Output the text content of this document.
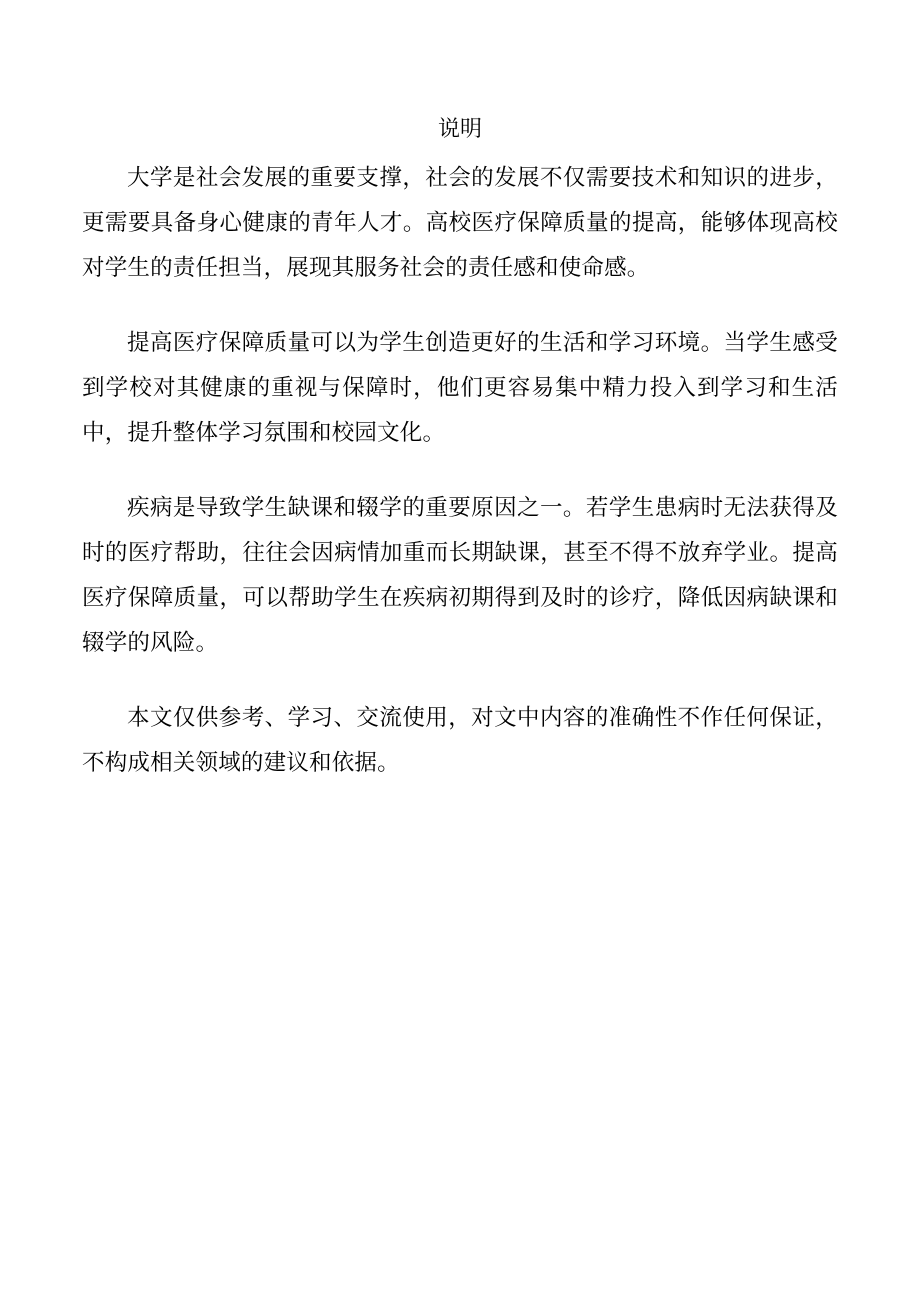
说明

大学是社会发展的重要支撑，社会的发展不仅需要技术和知识的进步，更需要具备身心健康的青年人才。高校医疗保障质量的提高，能够体现高校对学生的责任担当，展现其服务社会的责任感和使命感。

提高医疗保障质量可以为学生创造更好的生活和学习环境。当学生感受到学校对其健康的重视与保障时，他们更容易集中精力投入到学习和生活中，提升整体学习氛围和校园文化。

疾病是导致学生缺课和辍学的重要原因之一。若学生患病时无法获得及时的医疗帮助，往往会因病情加重而长期缺课，甚至不得不放弃学业。提高医疗保障质量，可以帮助学生在疾病初期得到及时的诊疗，降低因病缺课和辍学的风险。

本文仅供参考、学习、交流使用，对文中内容的准确性不作任何保证，不构成相关领域的建议和依据。
